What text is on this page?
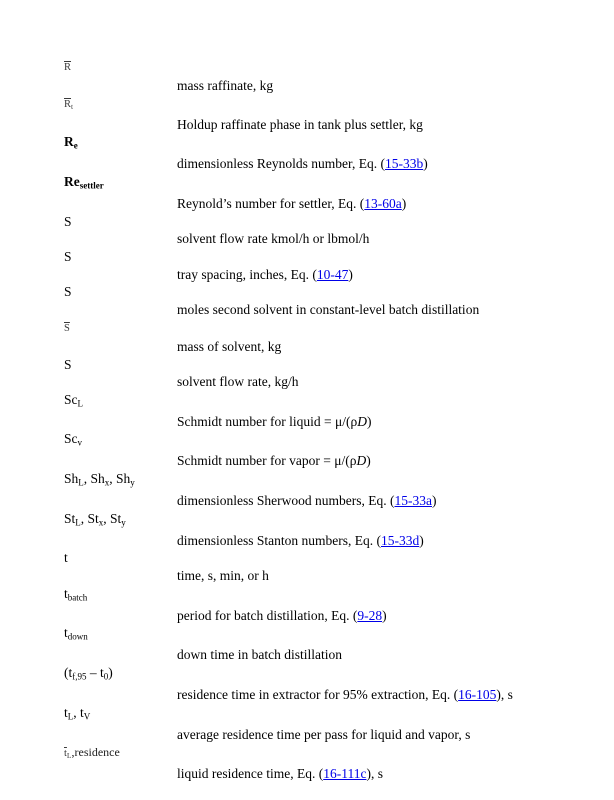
$\overline{R}$
mass raffinate, kg
$\overline{R}_t$
Holdup raffinate phase in tank plus settler, kg
$R_e$
dimensionless Reynolds number, Eq. (15-33b)
$Re_{settler}$
Reynold’s number for settler, Eq. (13-60a)
S
solvent flow rate kmol/h or lbmol/h
S
tray spacing, inches, Eq. (10-47)
S
moles second solvent in constant-level batch distillation
$\overline{S}$
mass of solvent, kg
S
solvent flow rate, kg/h
$Sc_L$
Schmidt number for liquid = μ/(ρD)
$Sc_v$
Schmidt number for vapor = μ/(ρD)
$Sh_L$, $Sh_x$, $Sh_y$
dimensionless Sherwood numbers, Eq. (15-33a)
$St_L$, $St_x$, $St_y$
dimensionless Stanton numbers, Eq. (15-33d)
t
time, s, min, or h
$t_{batch}$
period for batch distillation, Eq. (9-28)
$t_{down}$
down time in batch distillation
$(t_{f,95} - t_0)$
residence time in extractor for 95% extraction, Eq. (16-105), s
$t_L$, $t_V$
average residence time per pass for liquid and vapor, s
$\overline{t}_L,residence$
liquid residence time, Eq. (16-111c), s
